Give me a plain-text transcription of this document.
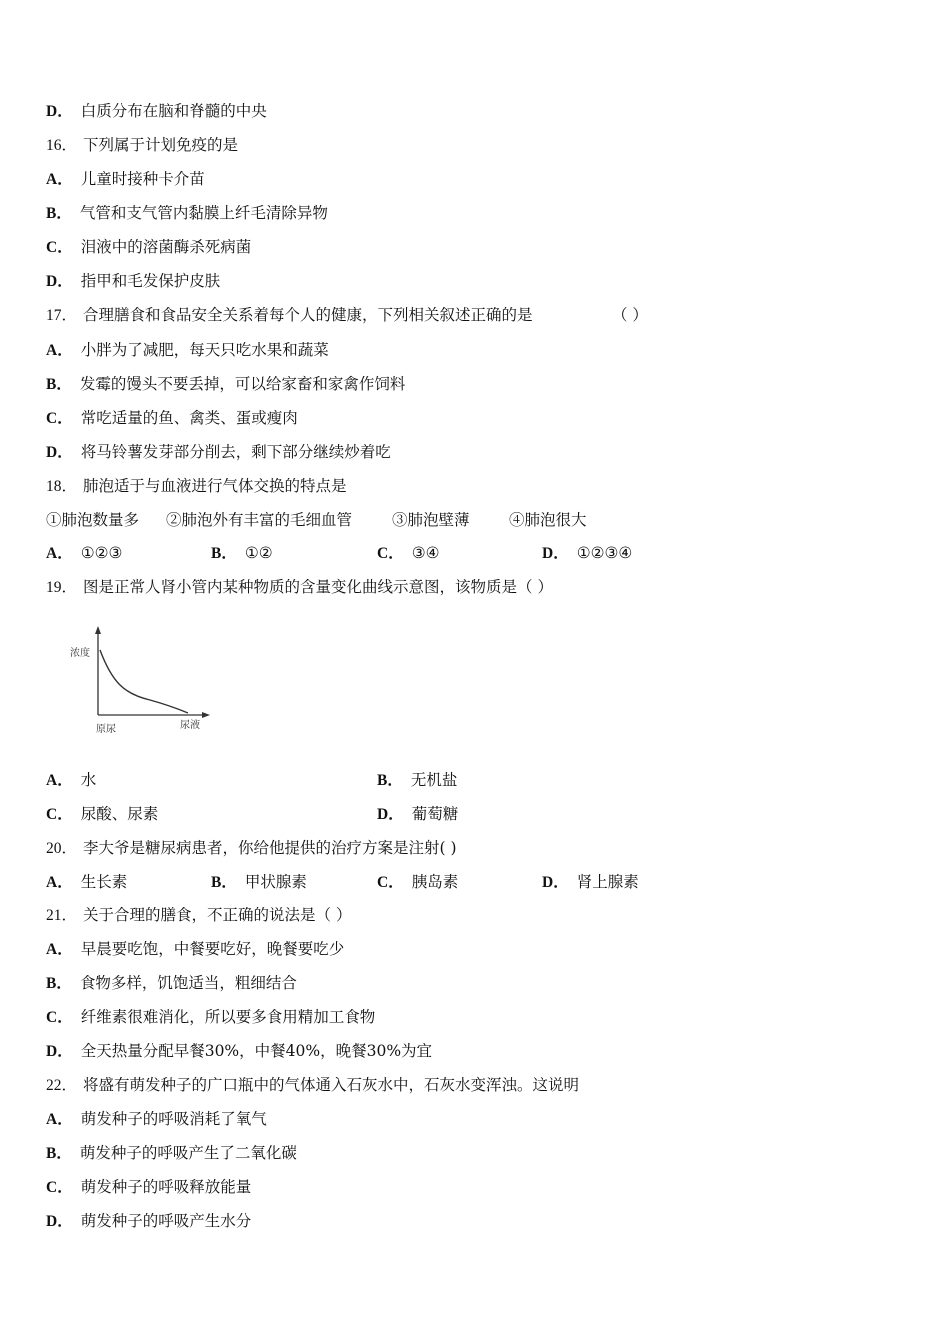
D． 白质分布在脑和脊髓的中央
16． 下列属于计划免疫的是
A． 儿童时接种卡介苗
B． 气管和支气管内黏膜上纤毛清除异物
C． 泪液中的溶菌酶杀死病菌
D． 指甲和毛发保护皮肤
17． 合理膳食和食品安全关系着每个人的健康，下列相关叙述正确的是	（ ）
A． 小胖为了减肥，每天只吃水果和蔬菜
B． 发霉的馒头不要丢掉，可以给家畜和家禽作饲料
C． 常吃适量的鱼、禽类、蛋或瘦肉
D． 将马铃薯发芽部分削去，剩下部分继续炒着吃
18． 肺泡适于与血液进行气体交换的特点是
①肺泡数量多 ②肺泡外有丰富的毛细血管	③肺泡壁薄	④肺泡很大
A． ①②③	B． ①②	C． ③④	D． ①②③④
19． 图是正常人肾小管内某种物质的含量变化曲线示意图，该物质是（ ）
浓度
原尿	尿液
A． 水	B． 无机盐
C． 尿酸、尿素	D． 葡萄糖
20． 李大爷是糖尿病患者，你给他提供的治疗方案是注射( )
A． 生长素	B． 甲状腺素	C． 胰岛素	D． 肾上腺素
21． 关于合理的膳食，不正确的说法是（ ）
A． 早晨要吃饱，中餐要吃好，晚餐要吃少
B． 食物多样，饥饱适当，粗细结合
C． 纤维素很难消化，所以要多食用精加工食物
D． 全天热量分配早餐30%，中餐40%，晚餐30%为宜
22． 将盛有萌发种子的广口瓶中的气体通入石灰水中，石灰水变浑浊。这说明
A． 萌发种子的呼吸消耗了氧气
B． 萌发种子的呼吸产生了二氧化碳
C． 萌发种子的呼吸释放能量
D． 萌发种子的呼吸产生水分
